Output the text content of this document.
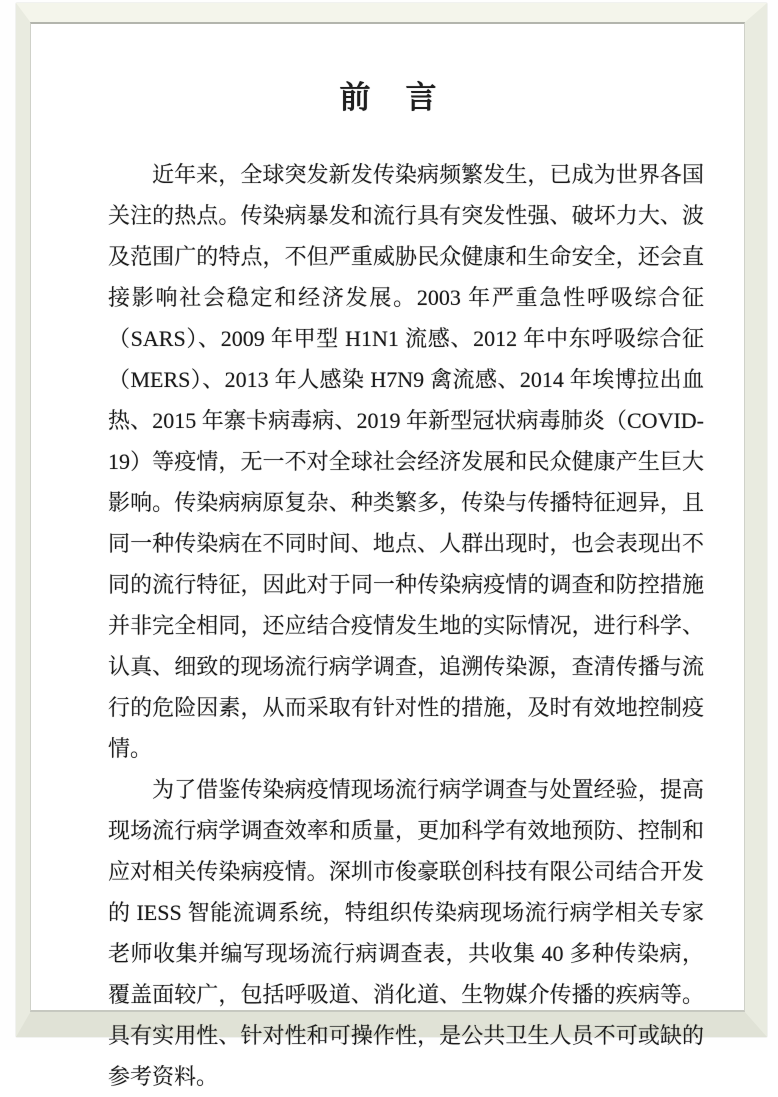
前　言

近年来，全球突发新发传染病频繁发生，已成为世界各国关注的热点。传染病暴发和流行具有突发性强、破坏力大、波及范围广的特点，不但严重威胁民众健康和生命安全，还会直接影响社会稳定和经济发展。2003 年严重急性呼吸综合征（SARS）、2009 年甲型 H1N1 流感、2012 年中东呼吸综合征（MERS）、2013 年人感染 H7N9 禽流感、2014 年埃博拉出血热、2015 年寨卡病毒病、2019 年新型冠状病毒肺炎（COVID-19）等疫情，无一不对全球社会经济发展和民众健康产生巨大影响。传染病病原复杂、种类繁多，传染与传播特征迥异，且同一种传染病在不同时间、地点、人群出现时，也会表现出不同的流行特征，因此对于同一种传染病疫情的调查和防控措施并非完全相同，还应结合疫情发生地的实际情况，进行科学、认真、细致的现场流行病学调查，追溯传染源，查清传播与流行的危险因素，从而采取有针对性的措施，及时有效地控制疫情。

为了借鉴传染病疫情现场流行病学调查与处置经验，提高现场流行病学调查效率和质量，更加科学有效地预防、控制和应对相关传染病疫情。深圳市俊豪联创科技有限公司结合开发的 IESS 智能流调系统，特组织传染病现场流行病学相关专家老师收集并编写现场流行病调查表，共收集 40 多种传染病，覆盖面较广，包括呼吸道、消化道、生物媒介传播的疾病等。具有实用性、针对性和可操作性，是公共卫生人员不可或缺的参考资料。
